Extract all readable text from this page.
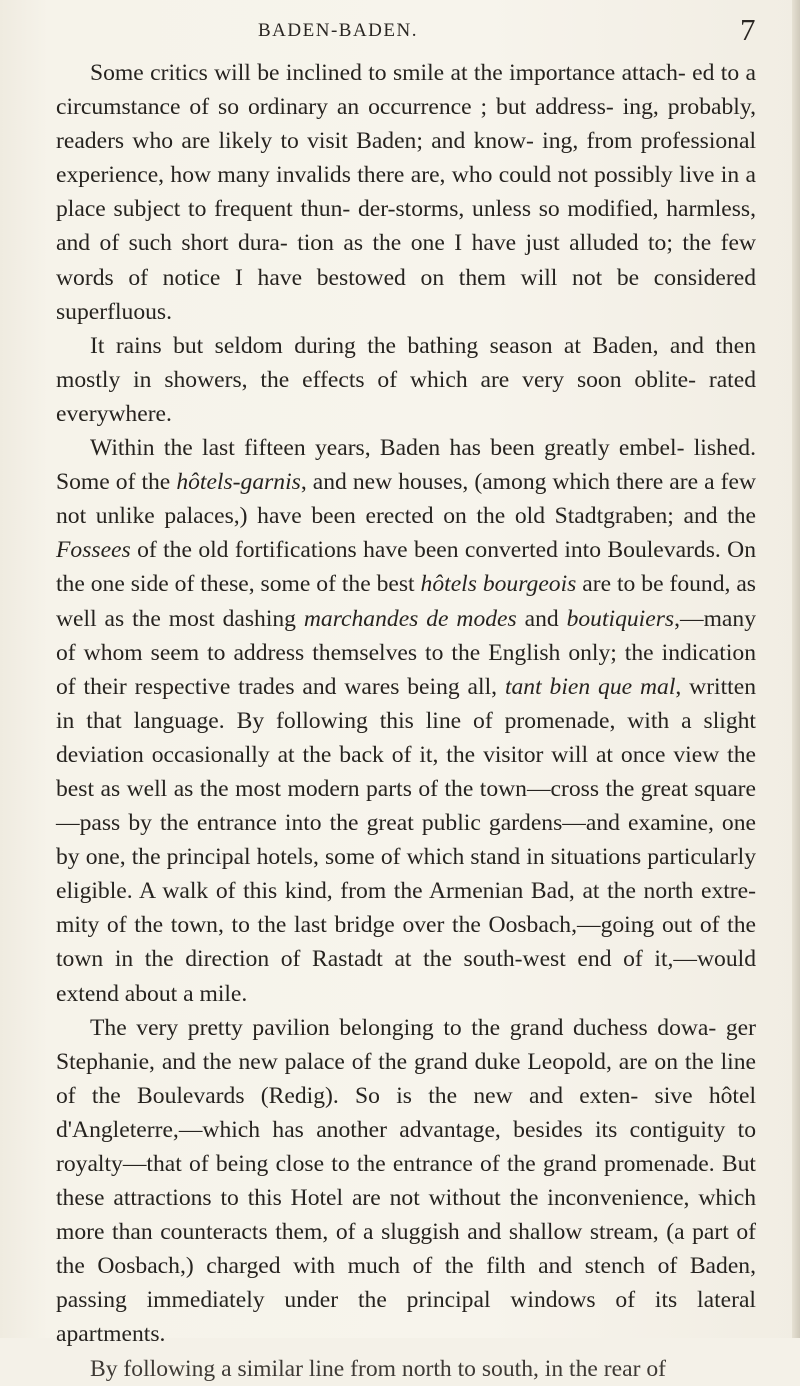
BADEN-BADEN.	7

Some critics will be inclined to smile at the importance attach- ed to a circumstance of so ordinary an occurrence ; but address- ing, probably, readers who are likely to visit Baden; and know- ing, from professional experience, how many invalids there are, who could not possibly live in a place subject to frequent thun- der-storms, unless so modified, harmless, and of such short dura- tion as the one I have just alluded to; the few words of notice I have bestowed on them will not be considered superfluous.

It rains but seldom during the bathing season at Baden, and then mostly in showers, the effects of which are very soon oblite- rated everywhere.

Within the last fifteen years, Baden has been greatly embel- lished. Some of the hôtels-garnis, and new houses, (among which there are a few not unlike palaces,) have been erected on the old Stadtgraben; and the Fossees of the old fortifications have been converted into Boulevards. On the one side of these, some of the best hôtels bourgeois are to be found, as well as the most dashing marchandes de modes and boutiquiers,—many of whom seem to address themselves to the English only; the indication of their respective trades and wares being all, tant bien que mal, written in that language. By following this line of promenade, with a slight deviation occasionally at the back of it, the visitor will at once view the best as well as the most modern parts of the town—cross the great square—pass by the entrance into the great public gardens—and examine, one by one, the principal hotels, some of which stand in situations particularly eligible. A walk of this kind, from the Armenian Bad, at the north extre- mity of the town, to the last bridge over the Oosbach,—going out of the town in the direction of Rastadt at the south-west end of it,—would extend about a mile.

The very pretty pavilion belonging to the grand duchess dowa- ger Stephanie, and the new palace of the grand duke Leopold, are on the line of the Boulevards (Redig). So is the new and exten- sive hôtel d'Angleterre,—which has another advantage, besides its contiguity to royalty—that of being close to the entrance of the grand promenade. But these attractions to this Hotel are not without the inconvenience, which more than counteracts them, of a sluggish and shallow stream, (a part of the Oosbach,) charged with much of the filth and stench of Baden, passing immediately under the principal windows of its lateral apartments.

By following a similar line from north to south, in the rear of
